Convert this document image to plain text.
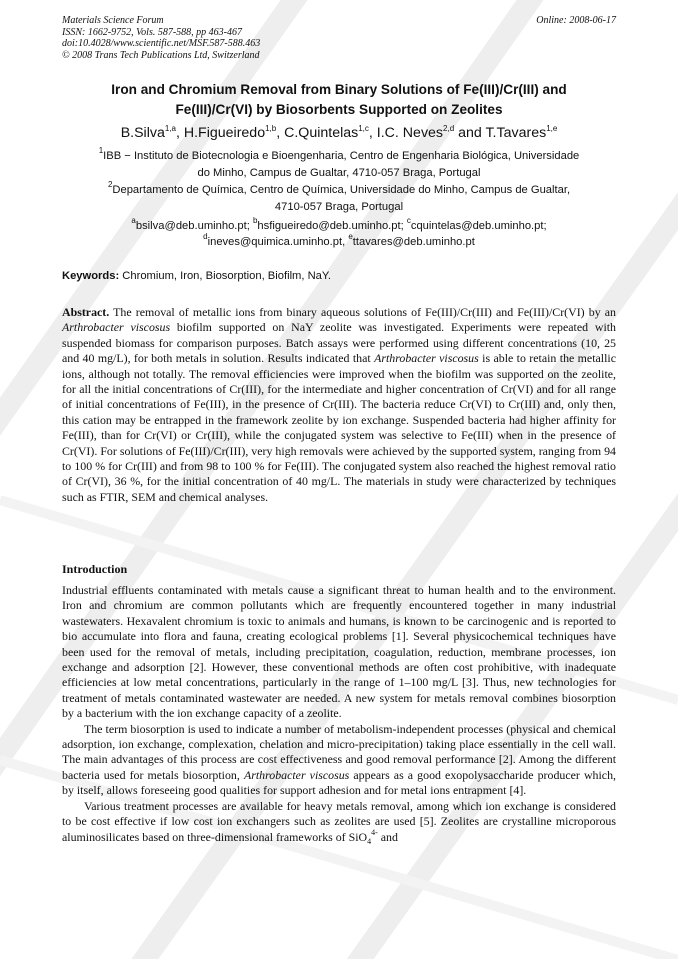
Materials Science Forum
ISSN: 1662-9752, Vols. 587-588, pp 463-467
doi:10.4028/www.scientific.net/MSF.587-588.463
© 2008 Trans Tech Publications Ltd, Switzerland
Online: 2008-06-17
Iron and Chromium Removal from Binary Solutions of Fe(III)/Cr(III) and
Fe(III)/Cr(VI) by Biosorbents Supported on Zeolites
B.Silva$^{1,a}$, H.Figueiredo$^{1,b}$, C.Quintelas$^{1,c}$, I.C. Neves$^{2,d}$ and T.Tavares$^{1,e}$
$^1$IBB − Instituto de Biotecnologia e Bioengenharia, Centro de Engenharia Biológica, Universidade
do Minho, Campus de Gualtar, 4710-057 Braga, Portugal
$^2$Departamento de Química, Centro de Química, Universidade do Minho, Campus de Gualtar,
4710-057 Braga, Portugal
$^a$bsilva@deb.uminho.pt; $^b$hsfigueiredo@deb.uminho.pt; $^c$cquintelas@deb.uminho.pt;
$^d$ineves@quimica.uminho.pt, $^e$ttavares@deb.uminho.pt
Keywords: Chromium, Iron, Biosorption, Biofilm, NaY.
Abstract. The removal of metallic ions from binary aqueous solutions of Fe(III)/Cr(III) and Fe(III)/Cr(VI) by an Arthrobacter viscosus biofilm supported on NaY zeolite was investigated. Experiments were repeated with suspended biomass for comparison purposes. Batch assays were performed using different concentrations (10, 25 and 40 mg/L), for both metals in solution. Results indicated that Arthrobacter viscosus is able to retain the metallic ions, although not totally. The removal efficiencies were improved when the biofilm was supported on the zeolite, for all the initial concentrations of Cr(III), for the intermediate and higher concentration of Cr(VI) and for all range of initial concentrations of Fe(III), in the presence of Cr(III). The bacteria reduce Cr(VI) to Cr(III) and, only then, this cation may be entrapped in the framework zeolite by ion exchange. Suspended bacteria had higher affinity for Fe(III), than for Cr(VI) or Cr(III), while the conjugated system was selective to Fe(III) when in the presence of Cr(VI). For solutions of Fe(III)/Cr(III), very high removals were achieved by the supported system, ranging from 94 to 100 % for Cr(III) and from 98 to 100 % for Fe(III). The conjugated system also reached the highest removal ratio of Cr(VI), 36 %, for the initial concentration of 40 mg/L. The materials in study were characterized by techniques such as FTIR, SEM and chemical analyses.
Introduction

Industrial effluents contaminated with metals cause a significant threat to human health and to the environment. Iron and chromium are common pollutants which are frequently encountered together in many industrial wastewaters. Hexavalent chromium is toxic to animals and humans, is known to be carcinogenic and is reported to bio accumulate into flora and fauna, creating ecological problems [1]. Several physicochemical techniques have been used for the removal of metals, including precipitation, coagulation, reduction, membrane processes, ion exchange and adsorption [2]. However, these conventional methods are often cost prohibitive, with inadequate efficiencies at low metal concentrations, particularly in the range of 1–100 mg/L [3]. Thus, new technologies for treatment of metals contaminated wastewater are needed. A new system for metals removal combines biosorption by a bacterium with the ion exchange capacity of a zeolite.

The term biosorption is used to indicate a number of metabolism-independent processes (physical and chemical adsorption, ion exchange, complexation, chelation and micro-precipitation) taking place essentially in the cell wall. The main advantages of this process are cost effectiveness and good removal performance [2]. Among the different bacteria used for metals biosorption, Arthrobacter viscosus appears as a good exopolysaccharide producer which, by itself, allows foreseeing good qualities for support adhesion and for metal ions entrapment [4].

Various treatment processes are available for heavy metals removal, among which ion exchange is considered to be cost effective if low cost ion exchangers such as zeolites are used [5]. Zeolites are crystalline microporous aluminosilicates based on three-dimensional frameworks of SiO$_4^{4-}$ and
